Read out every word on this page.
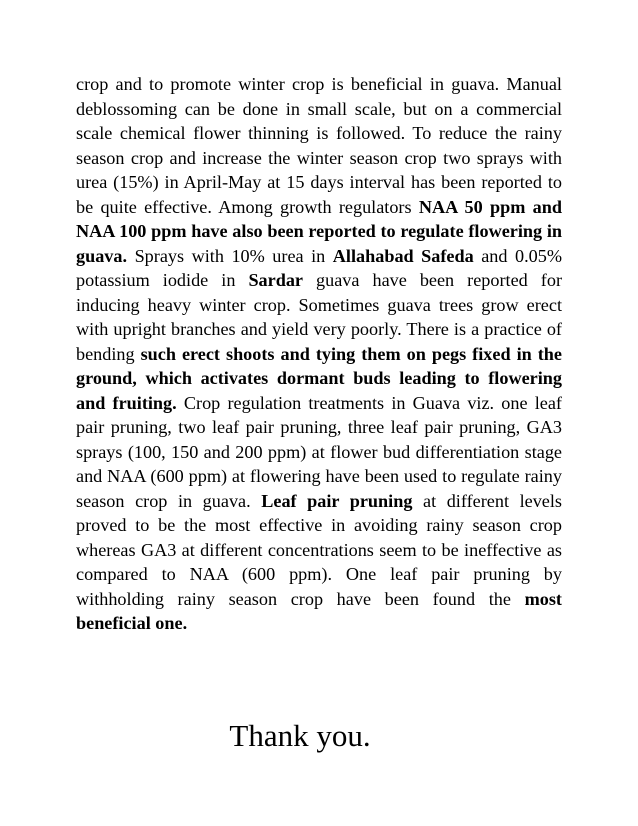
crop and to promote winter crop is beneficial in guava. Manual deblossoming can be done in small scale, but on a commercial scale chemical flower thinning is followed. To reduce the rainy season crop and increase the winter season crop two sprays with urea (15%) in April-May at 15 days interval has been reported to be quite effective. Among growth regulators NAA 50 ppm and NAA 100 ppm have also been reported to regulate flowering in guava. Sprays with 10% urea in Allahabad Safeda and 0.05% potassium iodide in Sardar guava have been reported for inducing heavy winter crop. Sometimes guava trees grow erect with upright branches and yield very poorly. There is a practice of bending such erect shoots and tying them on pegs fixed in the ground, which activates dormant buds leading to flowering and fruiting. Crop regulation treatments in Guava viz. one leaf pair pruning, two leaf pair pruning, three leaf pair pruning, GA3 sprays (100, 150 and 200 ppm) at flower bud differentiation stage and NAA (600 ppm) at flowering have been used to regulate rainy season crop in guava. Leaf pair pruning at different levels proved to be the most effective in avoiding rainy season crop whereas GA3 at different concentrations seem to be ineffective as compared to NAA (600 ppm). One leaf pair pruning by withholding rainy season crop have been found the most beneficial one.

Thank you.
